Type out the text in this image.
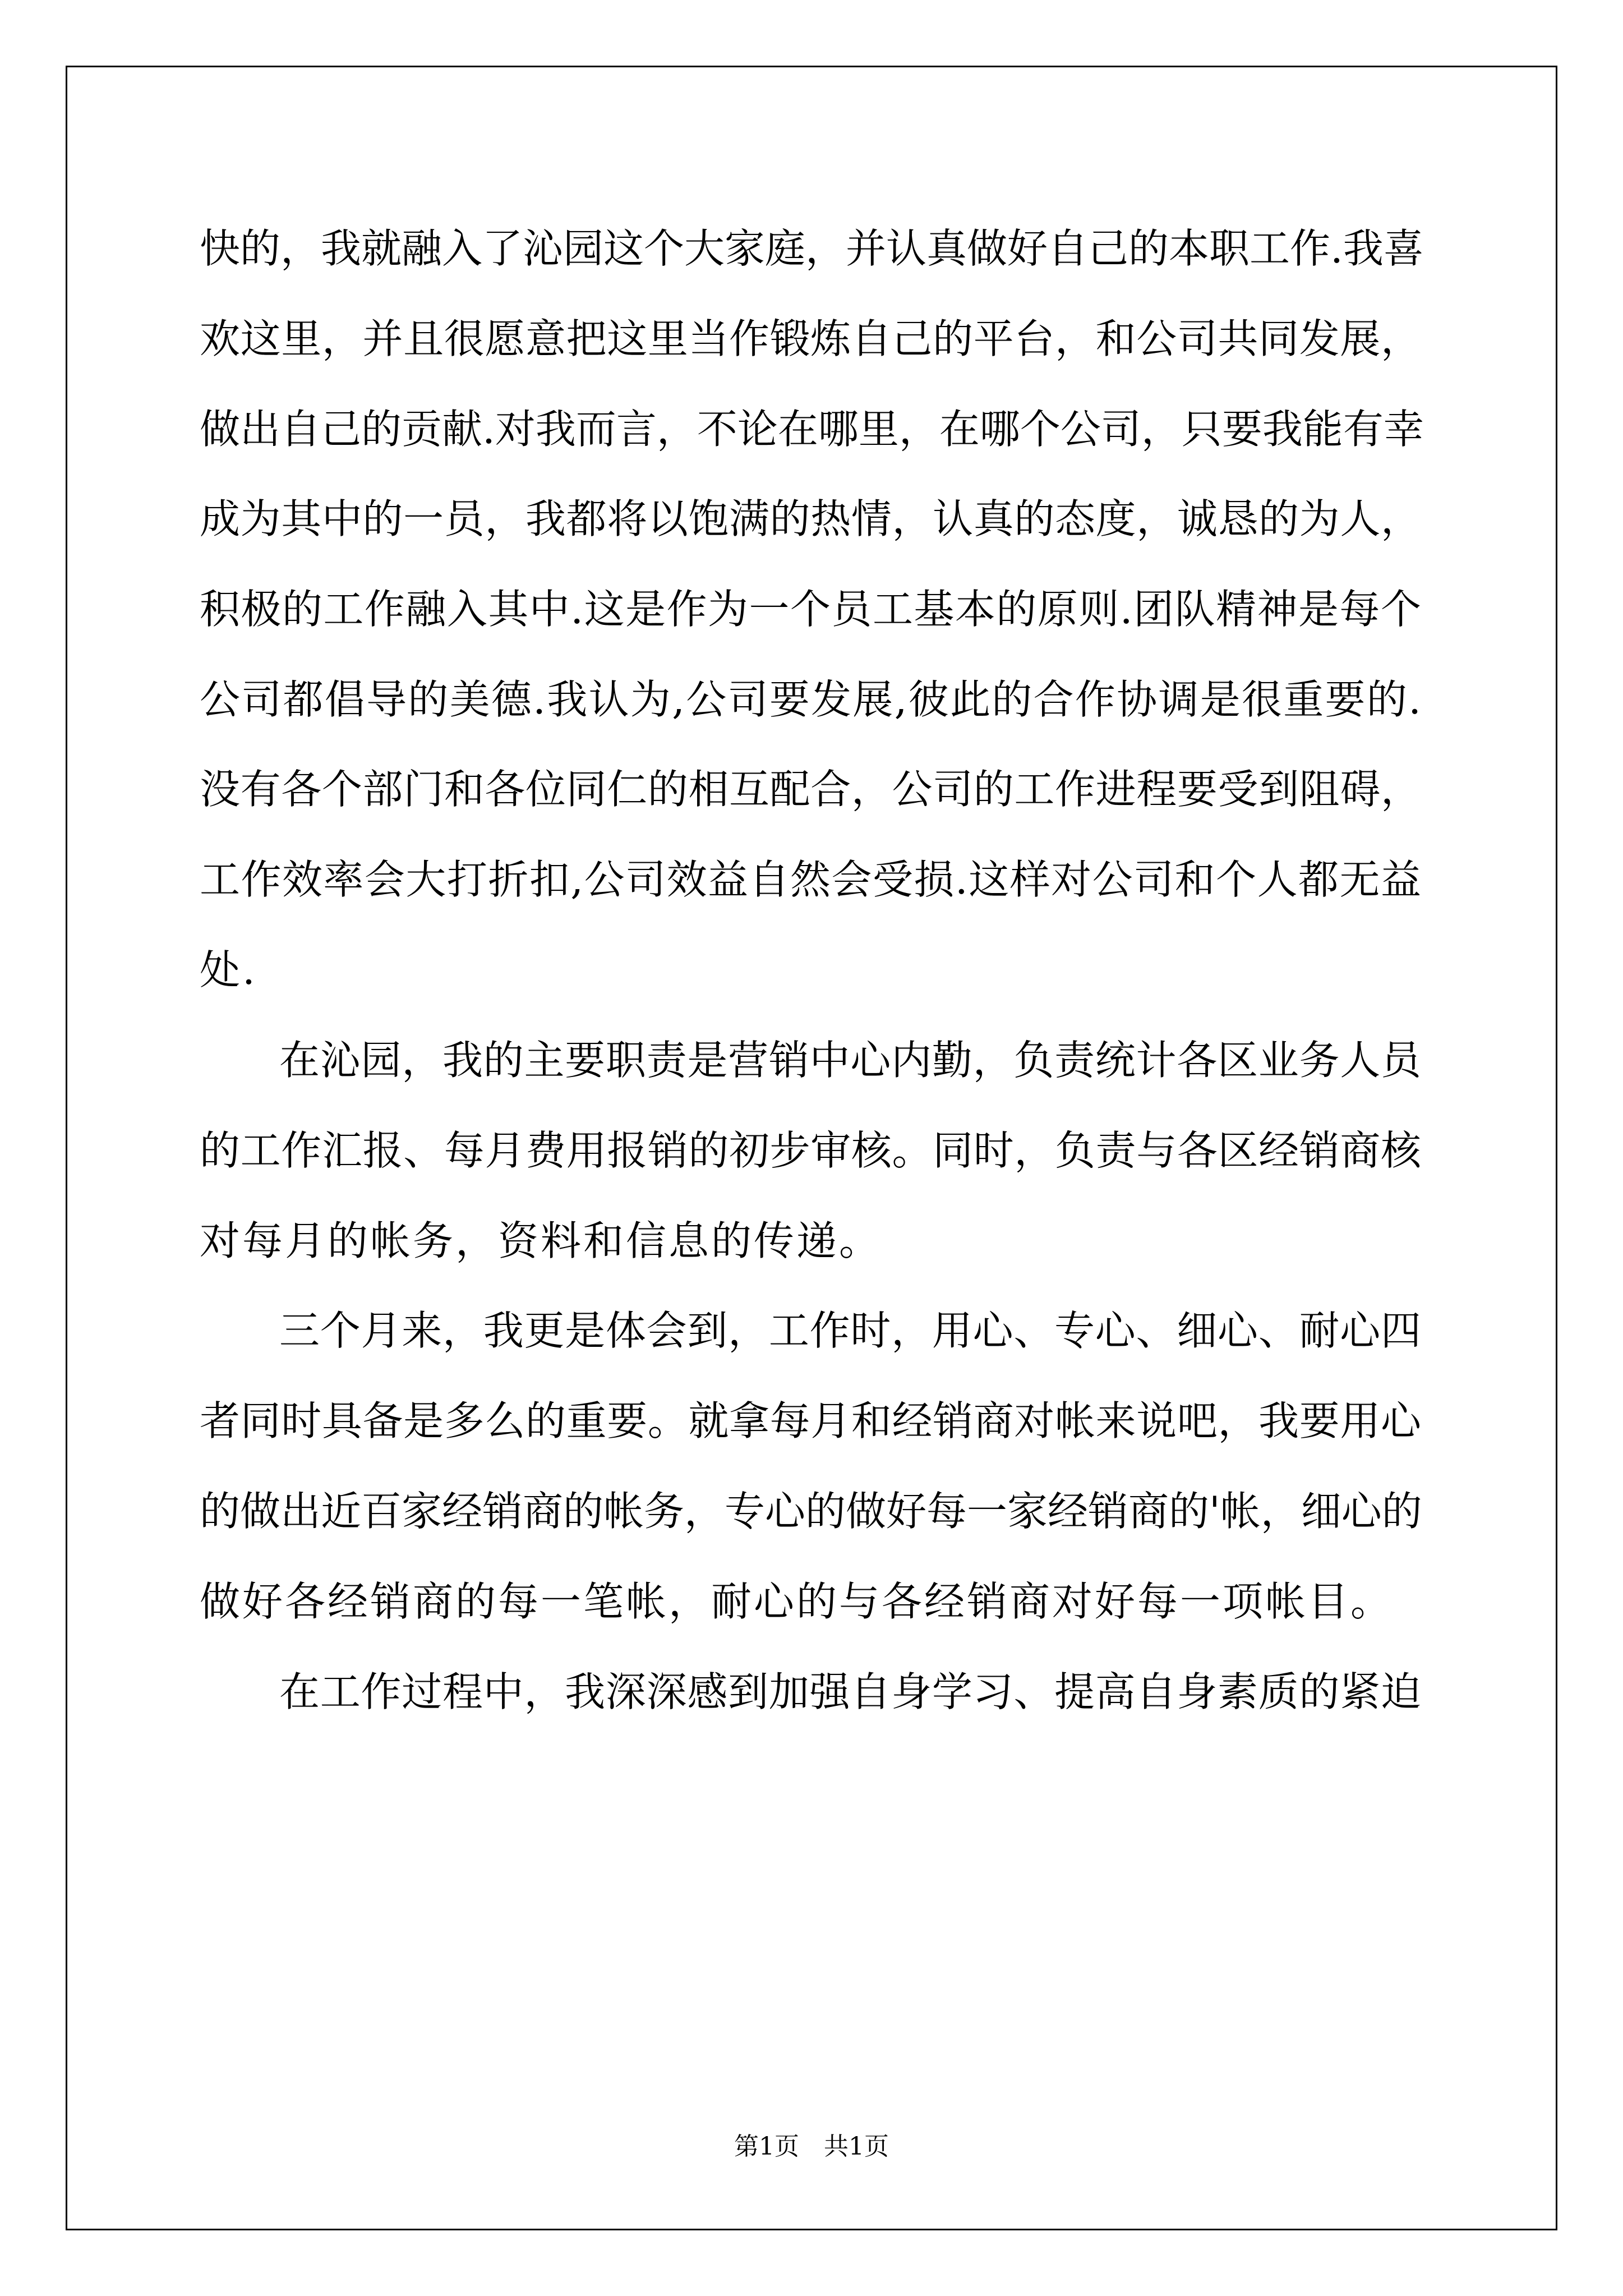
快的，我就融入了沁园这个大家庭，并认真做好自己的本职工作.我喜
欢这里，并且很愿意把这里当作锻炼自己的平台，和公司共同发展，
做出自己的贡献.对我而言，不论在哪里，在哪个公司，只要我能有幸
成为其中的一员，我都将以饱满的热情，认真的态度，诚恳的为人，
积极的工作融入其中.这是作为一个员工基本的原则.团队精神是每个
公司都倡导的美德.我认为,公司要发展,彼此的合作协调是很重要的.
没有各个部门和各位同仁的相互配合，公司的工作进程要受到阻碍，
工作效率会大打折扣,公司效益自然会受损.这样对公司和个人都无益
处.
在沁园，我的主要职责是营销中心内勤，负责统计各区业务人员
的工作汇报、每月费用报销的初步审核。同时，负责与各区经销商核
对每月的帐务，资料和信息的传递。
三个月来，我更是体会到，工作时，用心、专心、细心、耐心四
者同时具备是多么的重要。就拿每月和经销商对帐来说吧，我要用心
的做出近百家经销商的帐务，专心的做好每一家经销商的'帐，细心的
做好各经销商的每一笔帐，耐心的与各经销商对好每一项帐目。
在工作过程中，我深深感到加强自身学习、提高自身素质的紧迫
第1页　共1页
